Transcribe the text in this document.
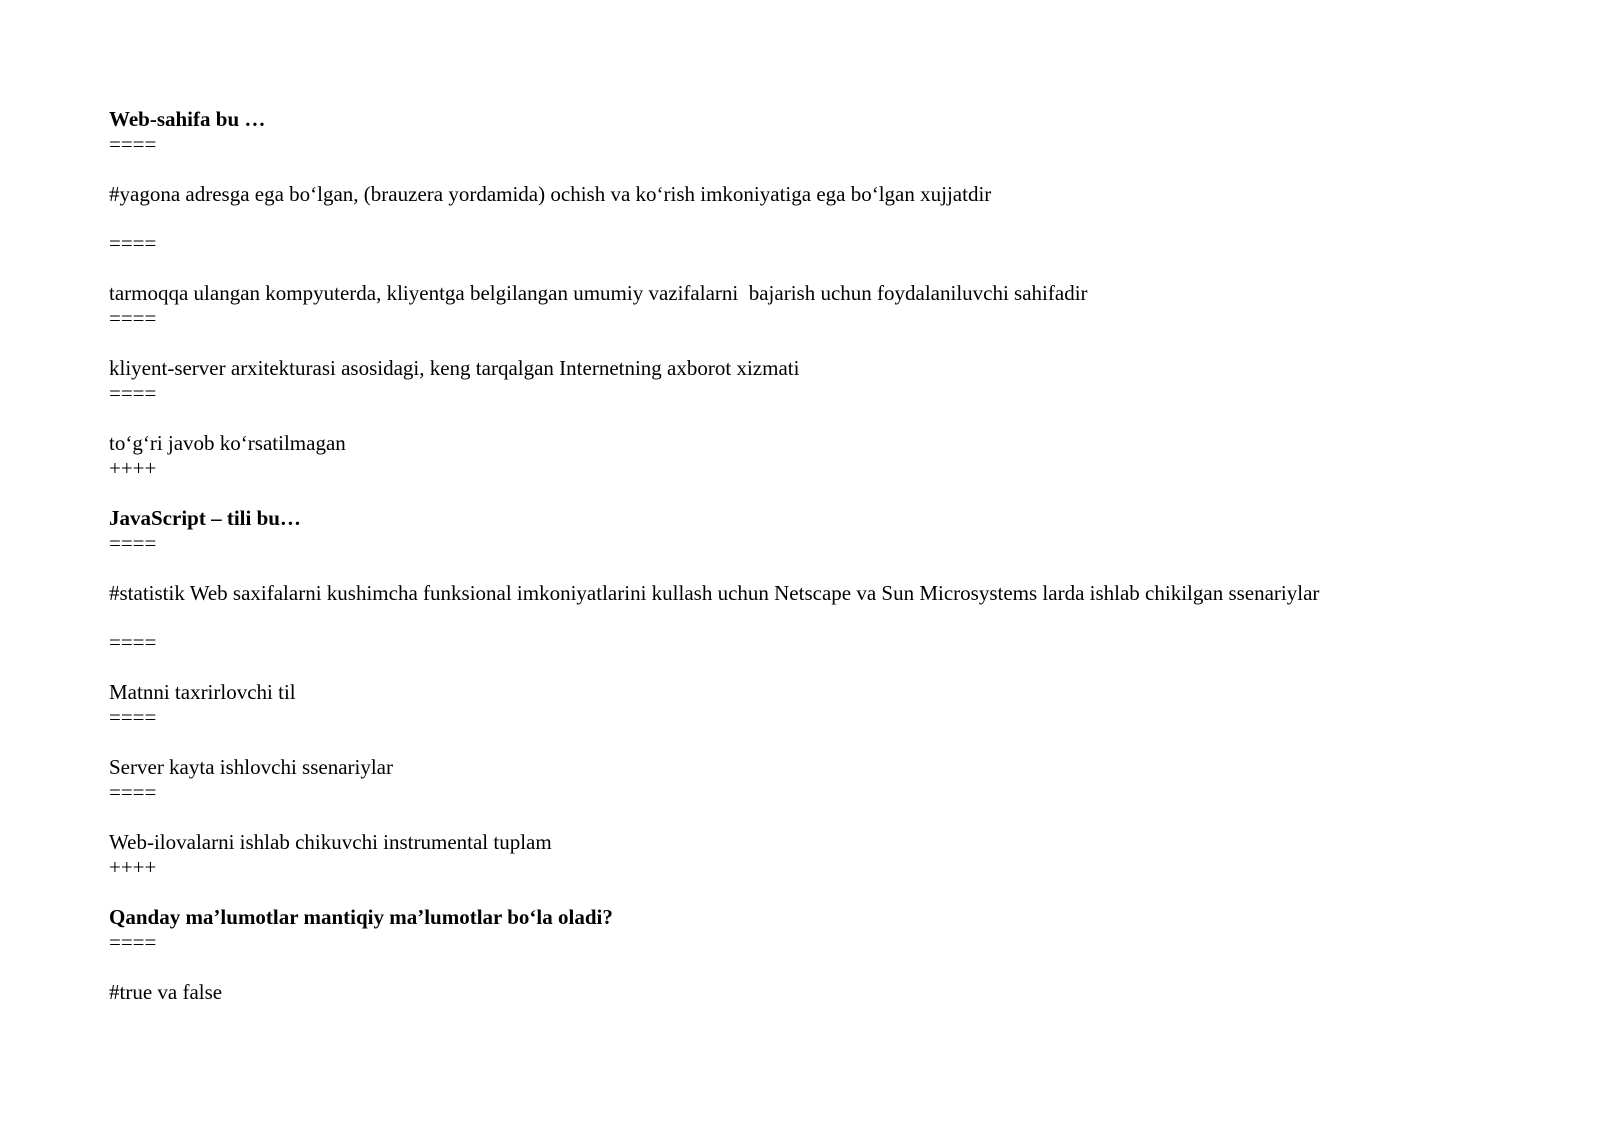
Web-sahifa bu …
====
#yagona adresga ega bo‘lgan, (brauzera yordamida) ochish va ko‘rish imkoniyatiga ega bo‘lgan xujjatdir
====
tarmoqqa ulangan kompyuterda, kliyentga belgilangan umumiy vazifalarni  bajarish uchun foydalaniluvchi sahifadir
====
kliyent-server arxitekturasi asosidagi, keng tarqalgan Internetning axborot xizmati
====
to‘g‘ri javob ko‘rsatilmagan
++++
JavaScript – tili bu…
====
#statistik Web saxifalarni kushimcha funksional imkoniyatlarini kullash uchun Netscape va Sun Microsystems larda ishlab chikilgan ssenariylar
====
Matnni taxrirlovchi til
====
Server kayta ishlovchi ssenariylar
====
Web-ilovalarni ishlab chikuvchi instrumental tuplam
++++
Qanday ma’lumotlar mantiqiy ma’lumotlar bo‘la oladi?
====
#true va false
